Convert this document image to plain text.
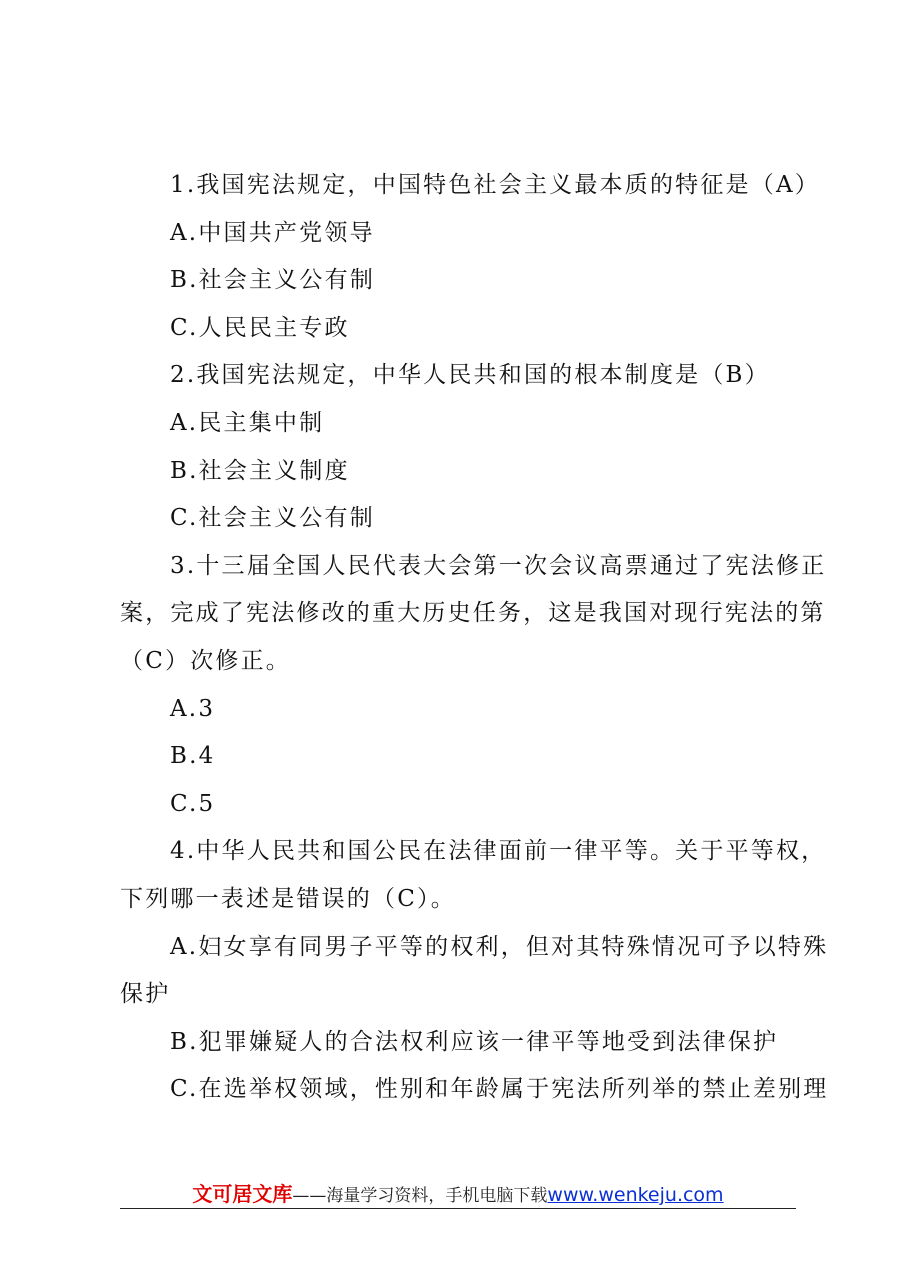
1.我国宪法规定，中国特色社会主义最本质的特征是（A）
A.中国共产党领导
B.社会主义公有制
C.人民民主专政
2.我国宪法规定，中华人民共和国的根本制度是（B）
A.民主集中制
B.社会主义制度
C.社会主义公有制
3.十三届全国人民代表大会第一次会议高票通过了宪法修正
案，完成了宪法修改的重大历史任务，这是我国对现行宪法的第
（C）次修正。
A.3
B.4
C.5
4.中华人民共和国公民在法律面前一律平等。关于平等权，
下列哪一表述是错误的（C）。
A.妇女享有同男子平等的权利，但对其特殊情况可予以特殊
保护
B.犯罪嫌疑人的合法权利应该一律平等地受到法律保护
C.在选举权领域，性别和年龄属于宪法所列举的禁止差别理
文可居文库——海量学习资料，手机电脑下载www.wenkeju.com
